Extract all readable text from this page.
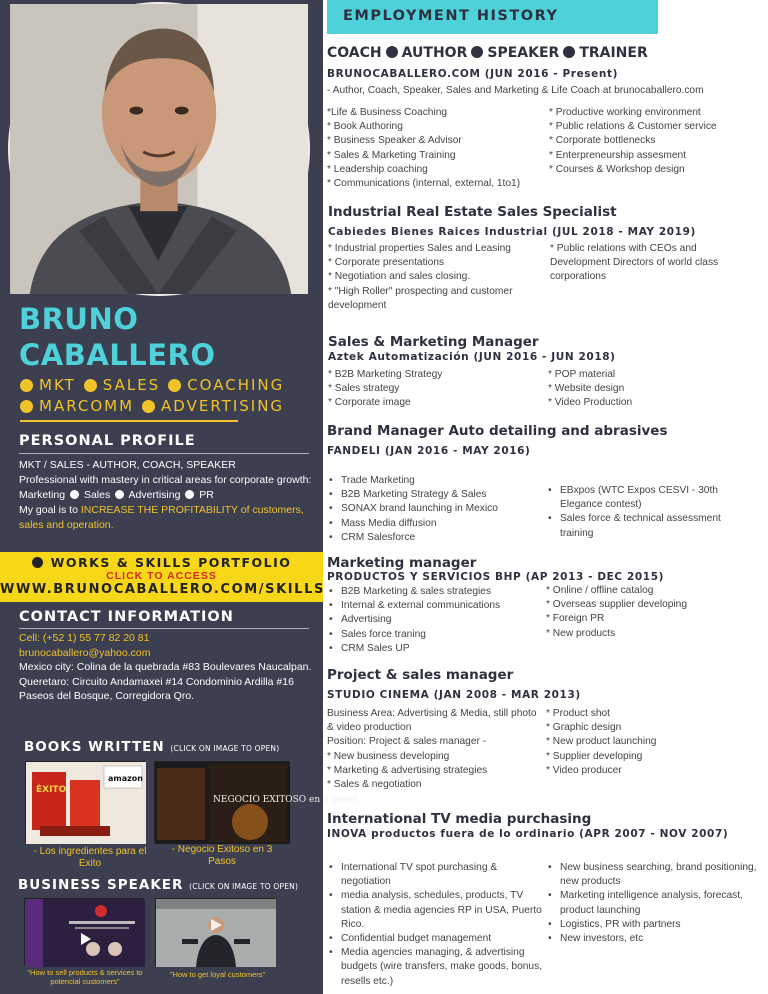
BRUNO
CABALLERO
MKT SALES COACHING
MARCOMM ADVERTISING
PERSONAL PROFILE
MKT / SALES - AUTHOR, COACH, SPEAKER
Professional with mastery in critical areas for corporate growth:
Marketing Sales Advertising PR
My goal is to INCREASE THE PROFITABILITY of customers, sales and operation.
WORKS & SKILLS PORTFOLIO
CLICK TO ACCESS
WWW.BRUNOCABALLERO.COM/SKILLS
CONTACT INFORMATION
Cell: (+52 1) 55 77 82 20 81
brunocaballero@yahoo.com
Mexico city: Colina de la quebrada #83 Boulevares Naucalpan.
Queretaro: Circuito Andamaxei #14 Condominio Ardilla #16 Paseos del Bosque, Corregidora Qro.
BOOKS WRITTEN (CLICK ON IMAGE TO OPEN)
ÉXITO
amazon
NEGOCIO EXITOSO en 3 pasos
- Los ingredientes para el Exito
- Negocio Exitoso en 3 Pasos
BUSINESS SPEAKER (CLICK ON IMAGE TO OPEN)
"How to sell products & services to potencial customers"
"How to get loyal customers"
EMPLOYMENT HISTORY
COACH AUTHOR SPEAKER TRAINER
BRUNOCABALLERO.COM (JUN 2016 - Present)
- Author, Coach, Speaker, Sales and Marketing & Life Coach at brunocaballero.com
*Life & Business Coaching
* Book Authoring
* Business Speaker & Advisor
* Sales & Marketing Training
* Leadership coaching
* Communications (internal, external, 1to1)
* Productive working environment
* Public relations & Customer service
* Corporate bottlenecks
* Enterpreneurship assesment
* Courses & Workshop design
Industrial Real Estate Sales Specialist
Cabiedes Bienes Raices Industrial (JUL 2018 - MAY 2019)
* Industrial properties Sales and Leasing
* Corporate presentations
* Negotiation and sales closing.
* "High Roller" prospecting and customer development
* Public relations with CEOs and Development Directors of world class corporations
Sales & Marketing Manager
Aztek Automatización (JUN 2016 - JUN 2018)
* B2B Marketing Strategy
* Sales strategy
* Corporate image
* POP material
* Website design
* Video Production
Brand Manager Auto detailing and abrasives
FANDELI (JAN 2016 - MAY 2016)
• Trade Marketing
• B2B Marketing Strategy & Sales
• SONAX brand launching in Mexico
• Mass Media diffusion
• CRM Salesforce
• EBxpos (WTC Expos CESVI - 30th Elegance contest)
• Sales force & technical assessment training
Marketing manager
PRODUCTOS Y SERVICIOS BHP (AP 2013 - DEC 2015)
• B2B Marketing & sales strategies
• Internal & external communications
• Advertising
• Sales force traning
• CRM Sales UP
* Online / offline catalog
* Overseas supplier developing
* Foreign PR
* New products
Project & sales manager
STUDIO CINEMA (JAN 2008 - MAR 2013)
Business Area: Advertising & Media, still photo & video production
Position: Project & sales manager -
* New business developing
* Marketing & advertising strategies
* Sales & negotiation
* Product shot
* Graphic design
* New product launching
* Supplier developing
* Video producer
International TV media purchasing
INOVA productos fuera de lo ordinario (APR 2007 - NOV 2007)
• International TV spot purchasing & negotiation
• media analysis, schedules, products, TV station & media agencies RP in USA, Puerto Rico.
• Confidential budget management
• Media agencies managing, & advertising budgets (wire transfers, make goods, bonus, resells etc.)
• New business searching, brand positioning, new products
• Marketing intelligence analysis, forecast, product launching
• Logistics, PR with partners
• New investors, etc
